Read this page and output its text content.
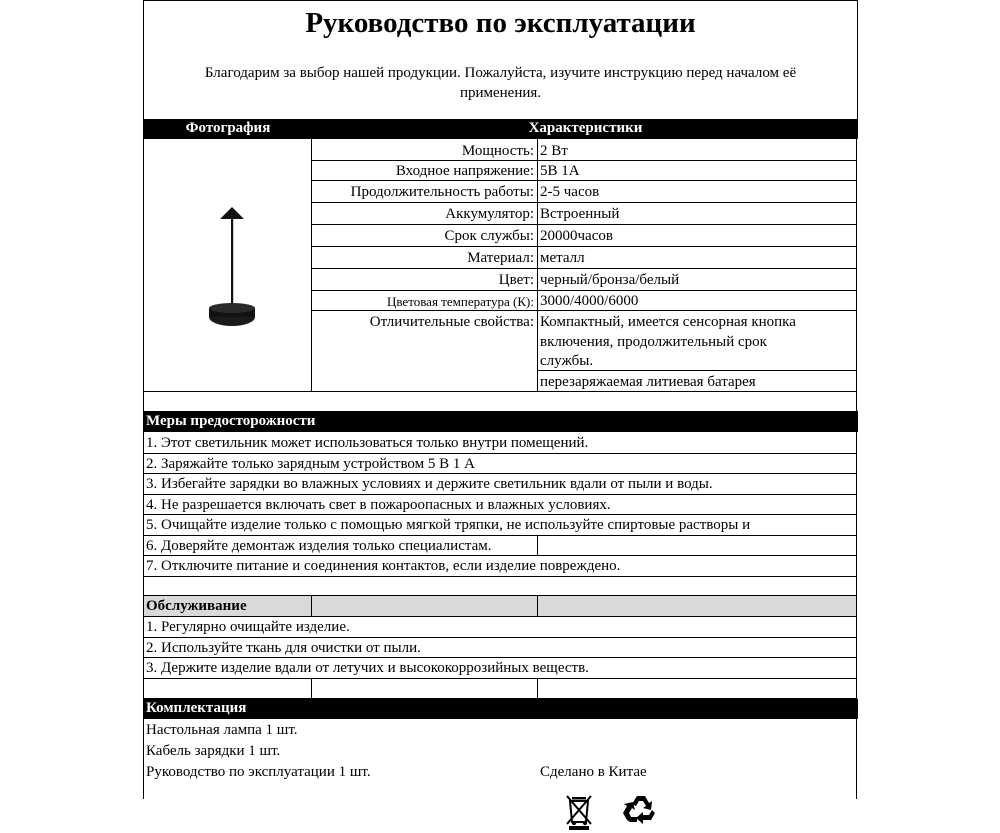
Руководство по эксплуатации
Благодарим за выбор нашей продукции. Пожалуйста, изучите инструкцию перед началом её применения.
Фотография	Характеристики
Мощность: 2 Вт
Входное напряжение: 5В 1А
Продолжительность работы: 2-5 часов
Аккумулятор: Встроенный
Срок службы: 20000часов
Материал: металл
Цвет: черный/бронза/белый
Цветовая температура (К): 3000/4000/6000
Отличительные свойства: Компактный, имеется сенсорная кнопка
включения, продолжительный срок
службы.
перезаряжаемая литиевая батарея
Меры предосторожности
1. Этот светильник может использоваться только внутри помещений.
2. Заряжайте только зарядным устройством 5 В 1 А
3. Избегайте зарядки во влажных условиях и держите светильник вдали от пыли и воды.
4. Не разрешается включать свет в пожароопасных и влажных условиях.
5. Очищайте изделие только с помощью мягкой тряпки, не используйте спиртовые растворы и
6. Доверяйте демонтаж изделия только специалистам.
7. Отключите питание и соединения контактов, если изделие повреждено.
Обслуживание
1. Регулярно очищайте изделие.
2. Используйте ткань для очистки от пыли.
3. Держите изделие вдали от летучих и высококоррозийных веществ.
Комплектация
Настольная лампа 1 шт.
Кабель зарядки 1 шт.
Руководство по эксплуатации 1 шт.	Сделано в Китае
